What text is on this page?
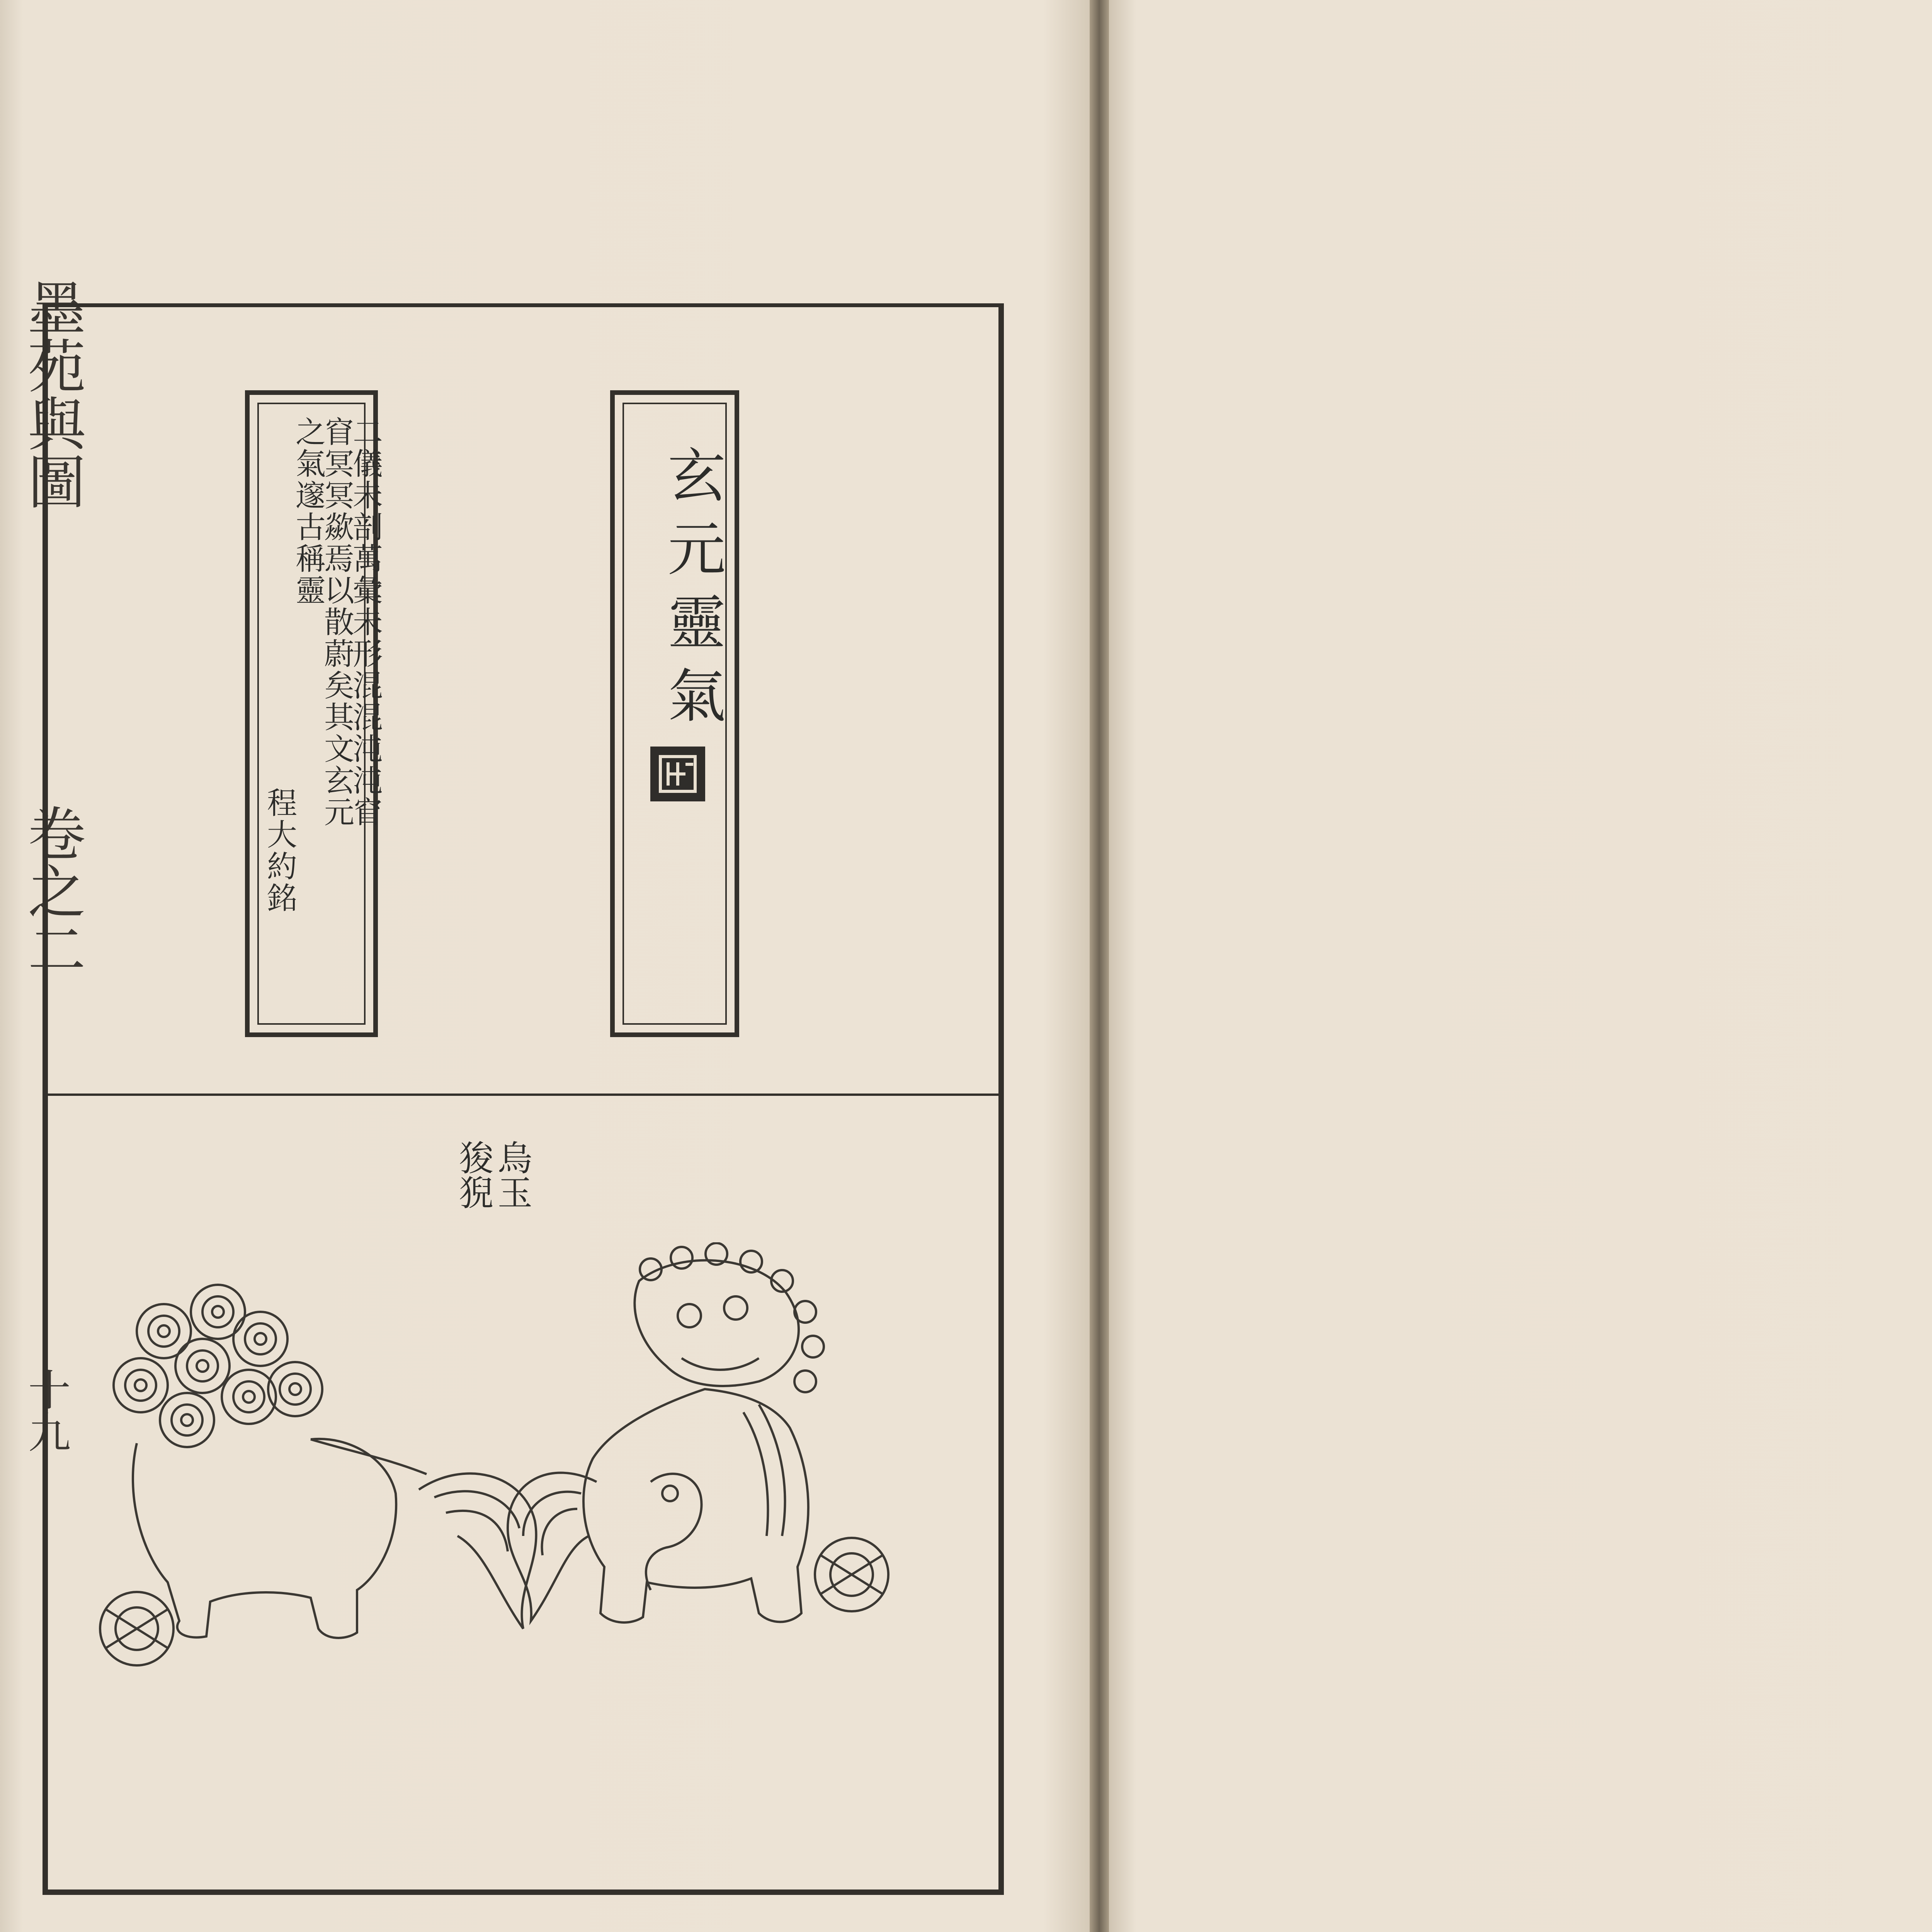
墨苑與圖
卷之二
十九
二儀未剖萬彙未形混混沌沌窅
窅冥冥歘焉以散蔚矣其文玄元
之氣邃古稱靈
程大約銘
玄元靈氣
烏玉
狻猊
